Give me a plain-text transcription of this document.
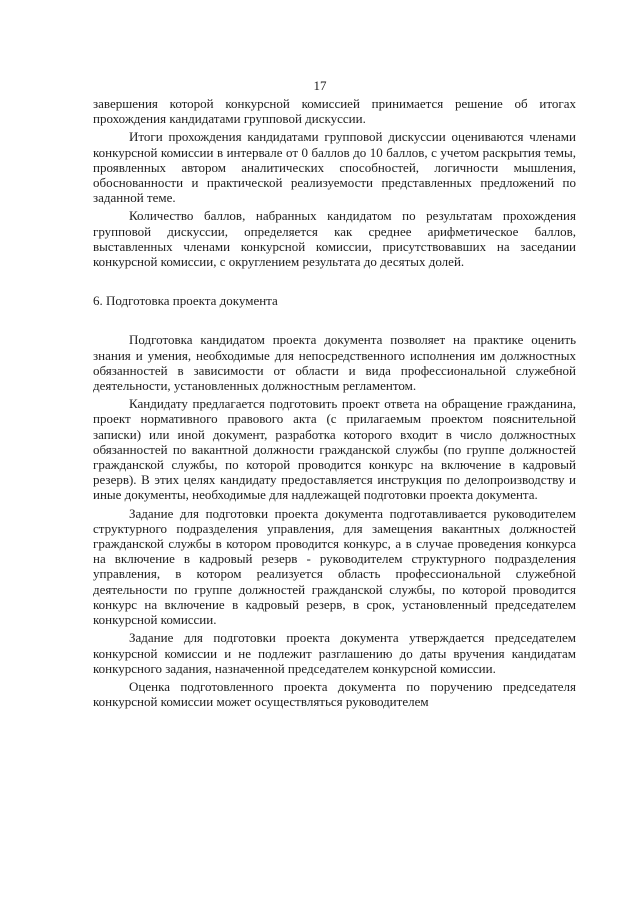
17

завершения которой конкурсной комиссией принимается решение об итогах прохождения кандидатами групповой дискуссии.

Итоги прохождения кандидатами групповой дискуссии оцениваются членами конкурсной комиссии в интервале от 0 баллов до 10 баллов, с учетом раскрытия темы, проявленных автором аналитических способностей, логичности мышления, обоснованности и практической реализуемости представленных предложений по заданной теме.

Количество баллов, набранных кандидатом по результатам прохождения групповой дискуссии, определяется как среднее арифметическое баллов, выставленных членами конкурсной комиссии, присутствовавших на заседании конкурсной комиссии, с округлением результата до десятых долей.

6. Подготовка проекта документа

Подготовка кандидатом проекта документа позволяет на практике оценить знания и умения, необходимые для непосредственного исполнения им должностных обязанностей в зависимости от области и вида профессиональной служебной деятельности, установленных должностным регламентом.

Кандидату предлагается подготовить проект ответа на обращение гражданина, проект нормативного правового акта (с прилагаемым проектом пояснительной записки) или иной документ, разработка которого входит в число должностных обязанностей по вакантной должности гражданской службы (по группе должностей гражданской службы, по которой проводится конкурс на включение в кадровый резерв). В этих целях кандидату предоставляется инструкция по делопроизводству и иные документы, необходимые для надлежащей подготовки проекта документа.

Задание для подготовки проекта документа подготавливается руководителем структурного подразделения управления, для замещения вакантных должностей гражданской службы в котором проводится конкурс, а в случае проведения конкурса на включение в кадровый резерв - руководителем структурного подразделения управления, в котором реализуется область профессиональной служебной деятельности по группе должностей гражданской службы, по которой проводится конкурс на включение в кадровый резерв, в срок, установленный председателем конкурсной комиссии.

Задание для подготовки проекта документа утверждается председателем конкурсной комиссии и не подлежит разглашению до даты вручения кандидатам конкурсного задания, назначенной председателем конкурсной комиссии.

Оценка подготовленного проекта документа по поручению председателя конкурсной комиссии может осуществляться руководителем
